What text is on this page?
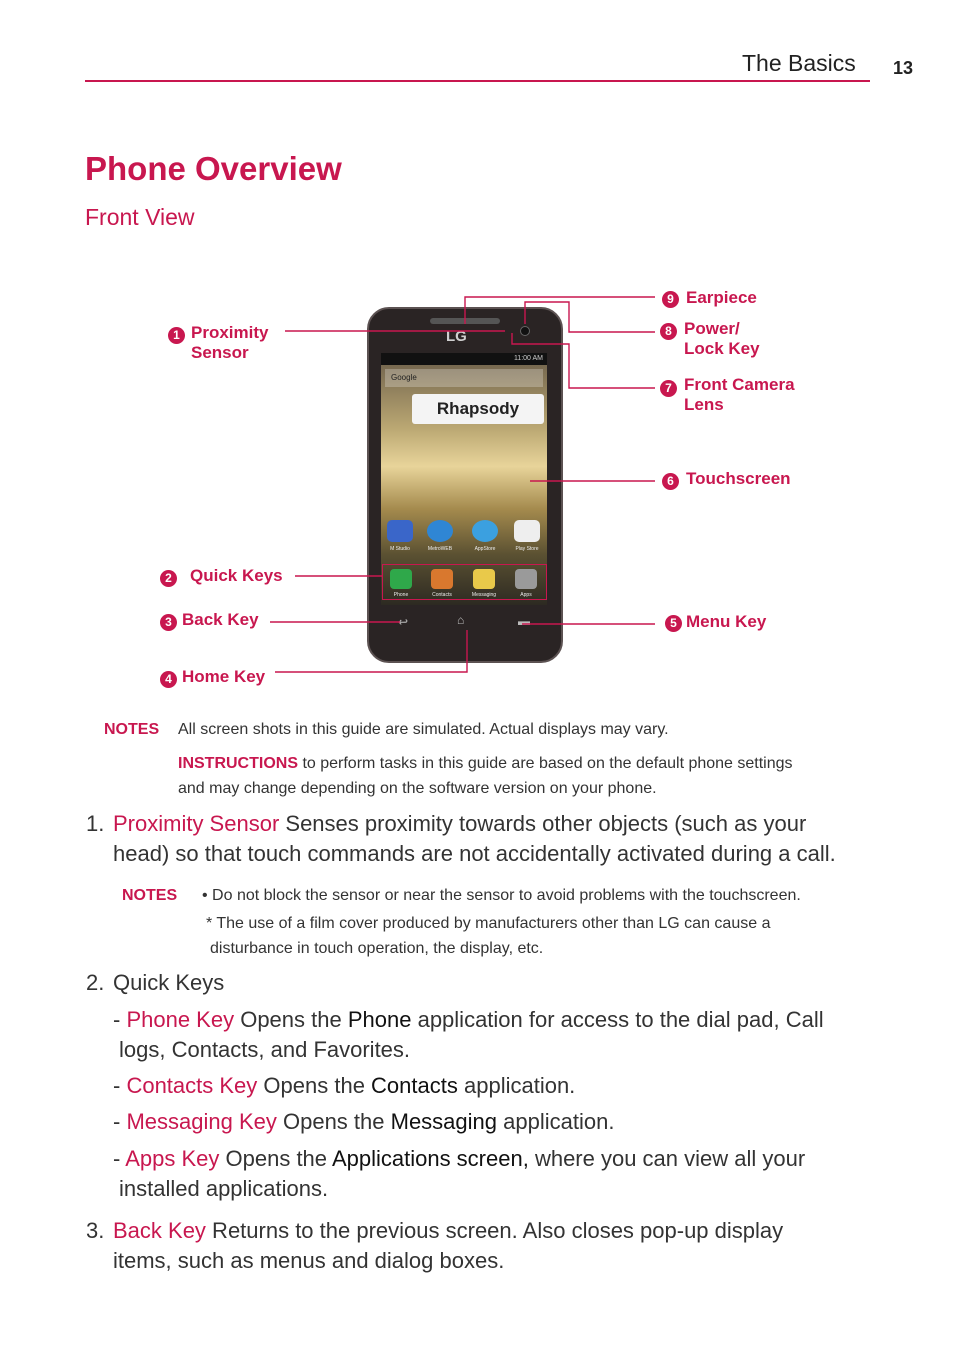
The Basics 13
Phone Overview
Front View
LG
11:00 AM
Google
Rhapsody
M Studio	MetroWEB	AppStore	Play Store
Phone	Contacts	Messaging	Apps
↩	⌂	▬
1 Proximity
Sensor
2	Quick Keys
3 Back Key
4 Home Key
5 Menu Key
6 Touchscreen
7 Front Camera
Lens
8 Power/
Lock Key
9 Earpiece
NOTES All screen shots in this guide are simulated. Actual displays may vary.
INSTRUCTIONS to perform tasks in this guide are based on the default phone settings
and may change depending on the software version on your phone.
1. Proximity Sensor Senses proximity towards other objects (such as your
head) so that touch commands are not accidentally activated during a call.
NOTES • Do not block the sensor or near the sensor to avoid problems with the touchscreen.
* The use of a film cover produced by manufacturers other than LG can cause a
disturbance in touch operation, the display, etc.
2. Quick Keys
- Phone Key Opens the Phone application for access to the dial pad, Call
logs, Contacts, and Favorites.
- Contacts Key Opens the Contacts application.
- Messaging Key Opens the Messaging application.
- Apps Key Opens the Applications screen, where you can view all your
installed applications.
3. Back Key Returns to the previous screen. Also closes pop-up display
items, such as menus and dialog boxes.
